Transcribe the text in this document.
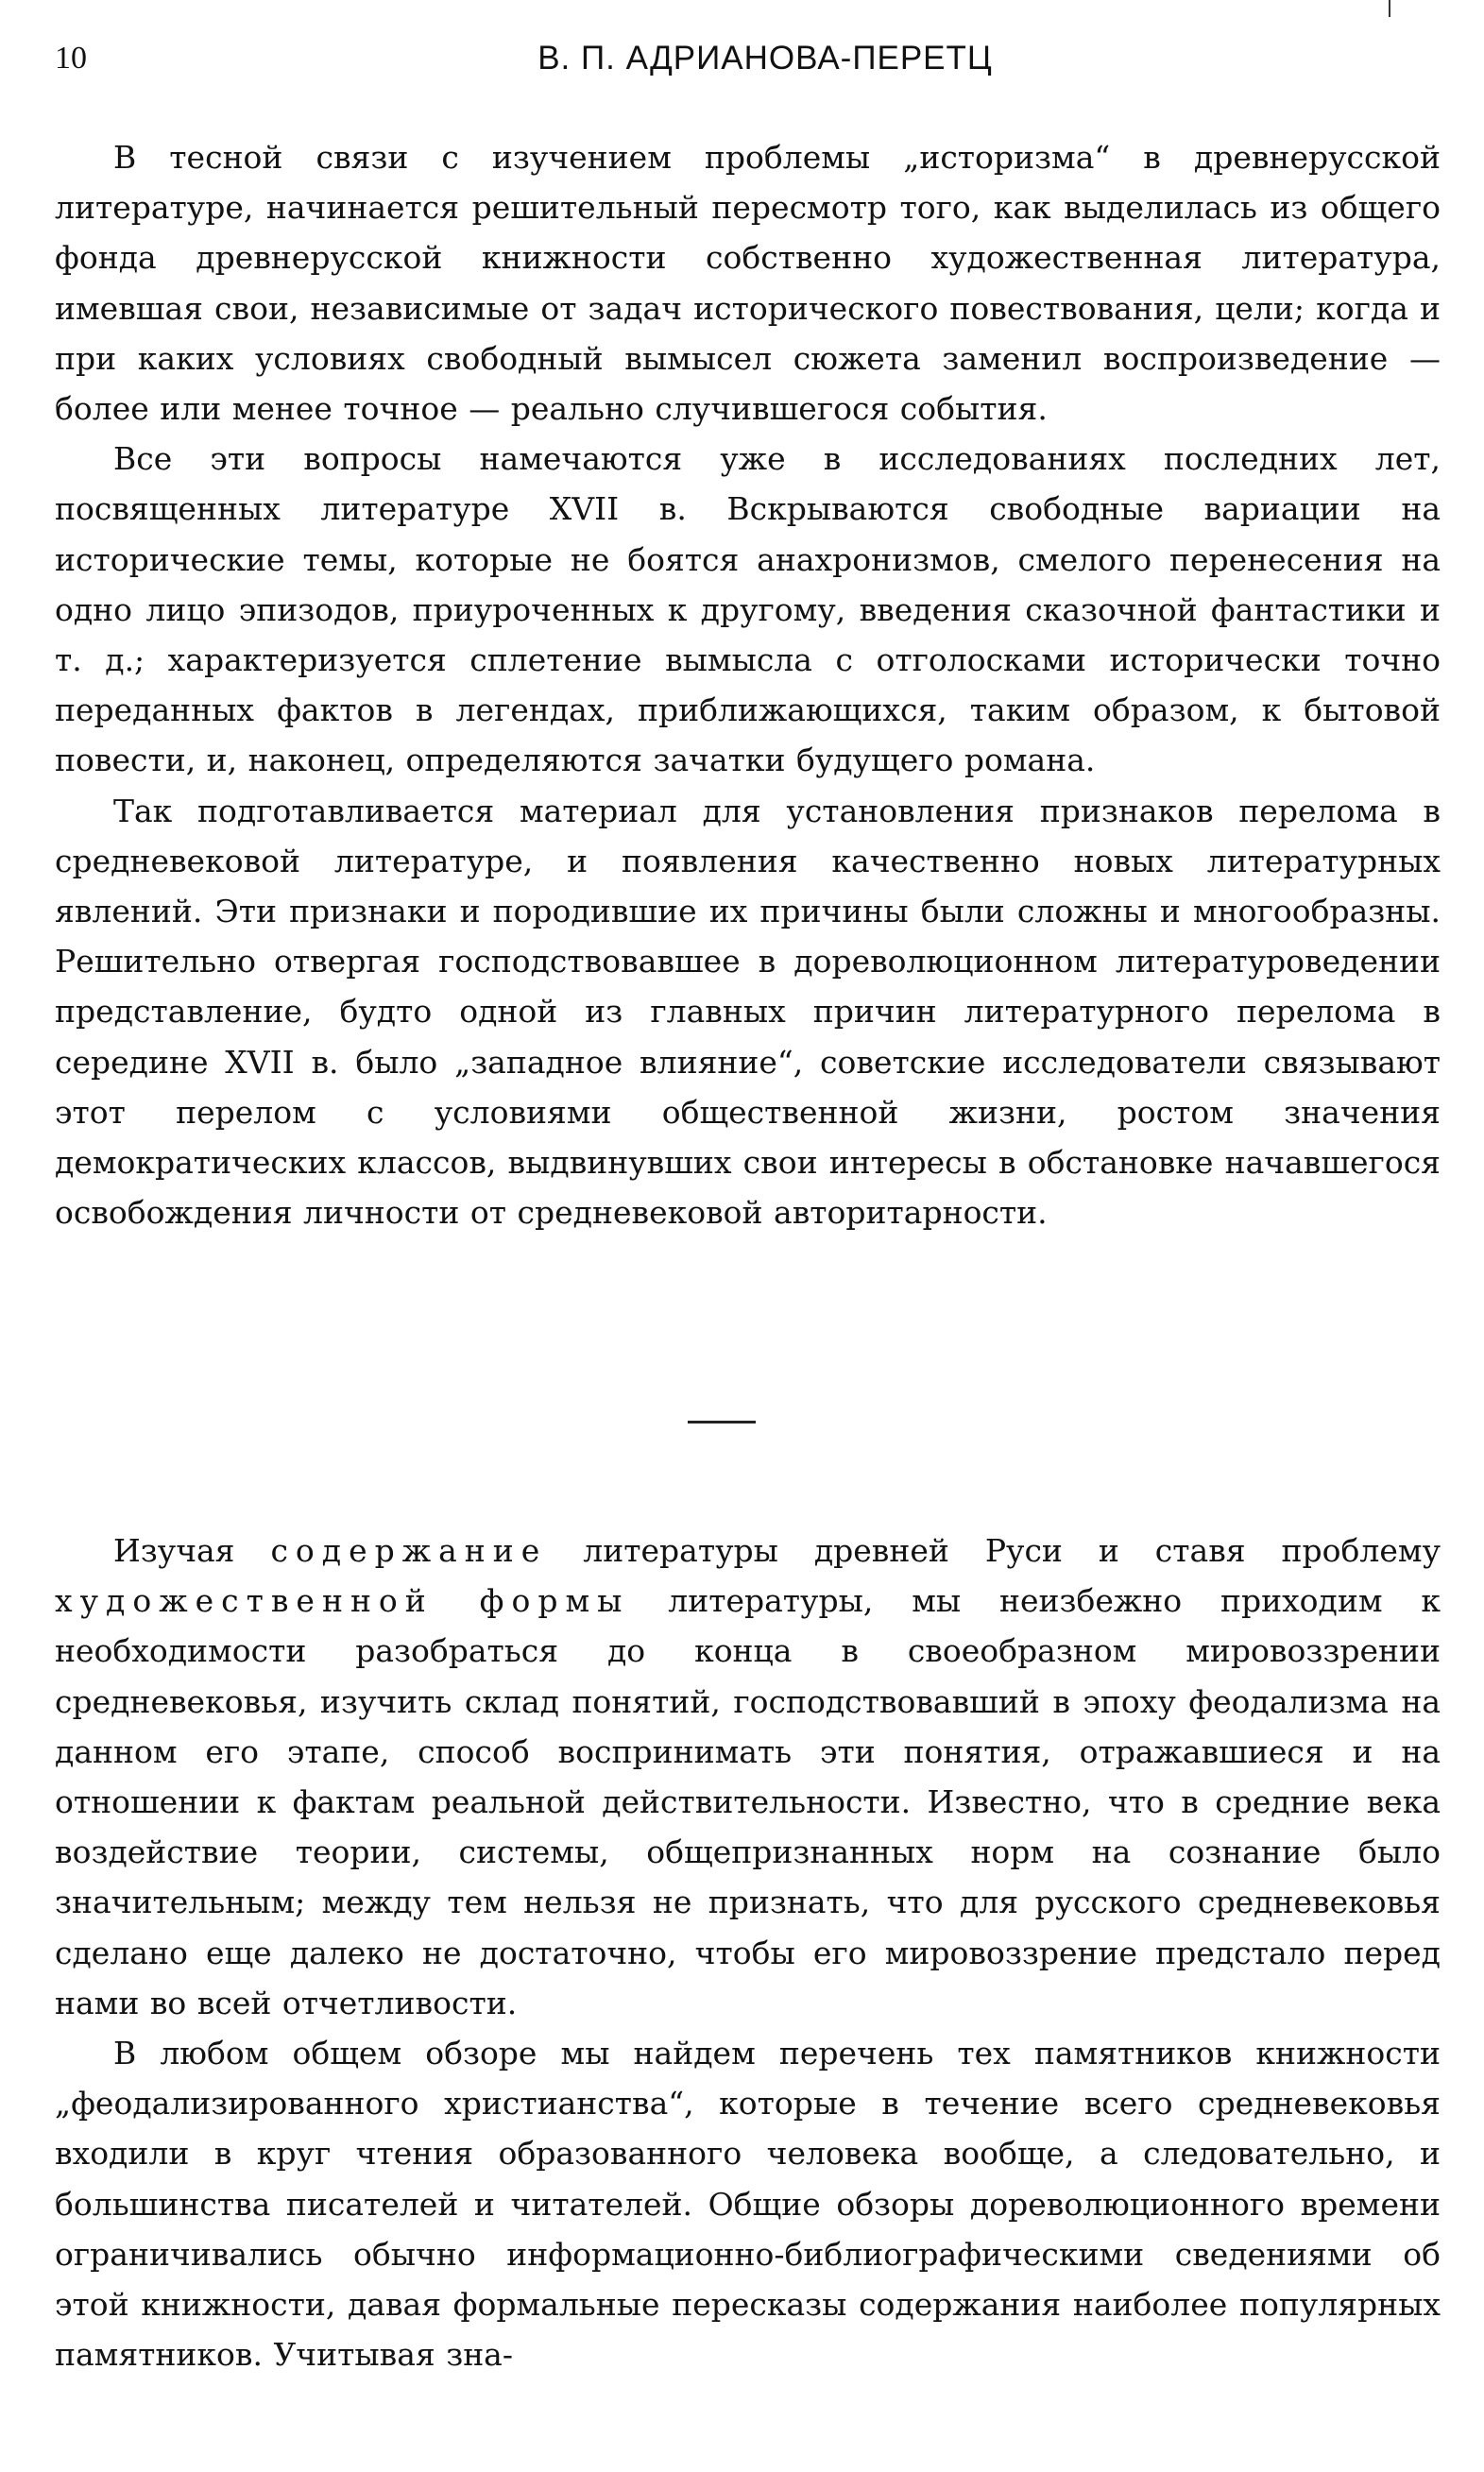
10	В. П. АДРИАНОВА-ПЕРЕТЦ

В тесной связи с изучением проблемы „историзма“ в древнерусской литературе, начинается решительный пересмотр того, как выделилась из общего фонда древнерусской книжности собственно художественная литература, имевшая свои, независимые от задач исторического повествования, цели; когда и при каких условиях свободный вымысел сюжета заменил воспроизведение — более или менее точное — реально случившегося события.

Все эти вопросы намечаются уже в исследованиях последних лет, посвященных литературе XVII в. Вскрываются свободные вариации на исторические темы, которые не боятся анахронизмов, смелого перенесения на одно лицо эпизодов, приуроченных к другому, введения сказочной фантастики и т. д.; характеризуется сплетение вымысла с отголосками исторически точно переданных фактов в легендах, приближающихся, таким образом, к бытовой повести, и, наконец, определяются зачатки будущего романа.

Так подготавливается материал для установления признаков перелома в средневековой литературе, и появления качественно новых литературных явлений. Эти признаки и породившие их причины были сложны и многообразны. Решительно отвергая господствовавшее в дореволюционном литературоведении представление, будто одной из главных причин литературного перелома в середине XVII в. было „западное влияние“, советские исследователи связывают этот перелом с условиями общественной жизни, ростом значения демократических классов, выдвинувших свои интересы в обстановке начавшегося освобождения личности от средневековой авторитарности.

Изучая содержание литературы древней Руси и ставя проблему художественной формы литературы, мы неизбежно приходим к необходимости разобраться до конца в своеобразном мировоззрении средневековья, изучить склад понятий, господствовавший в эпоху феодализма на данном его этапе, способ воспринимать эти понятия, отражавшиеся и на отношении к фактам реальной действительности. Известно, что в средние века воздействие теории, системы, общепризнанных норм на сознание было значительным; между тем нельзя не признать, что для русского средневековья сделано еще далеко не достаточно, чтобы его мировоззрение предстало перед нами во всей отчетливости.

В любом общем обзоре мы найдем перечень тех памятников книжности „феодализированного христианства“, которые в течение всего средневековья входили в круг чтения образованного человека вообще, а следовательно, и большинства писателей и читателей. Общие обзоры дореволюционного времени ограничивались обычно информационно-библиографическими сведениями об этой книжности, давая формальные пересказы содержания наиболее популярных памятников. Учитывая зна-
